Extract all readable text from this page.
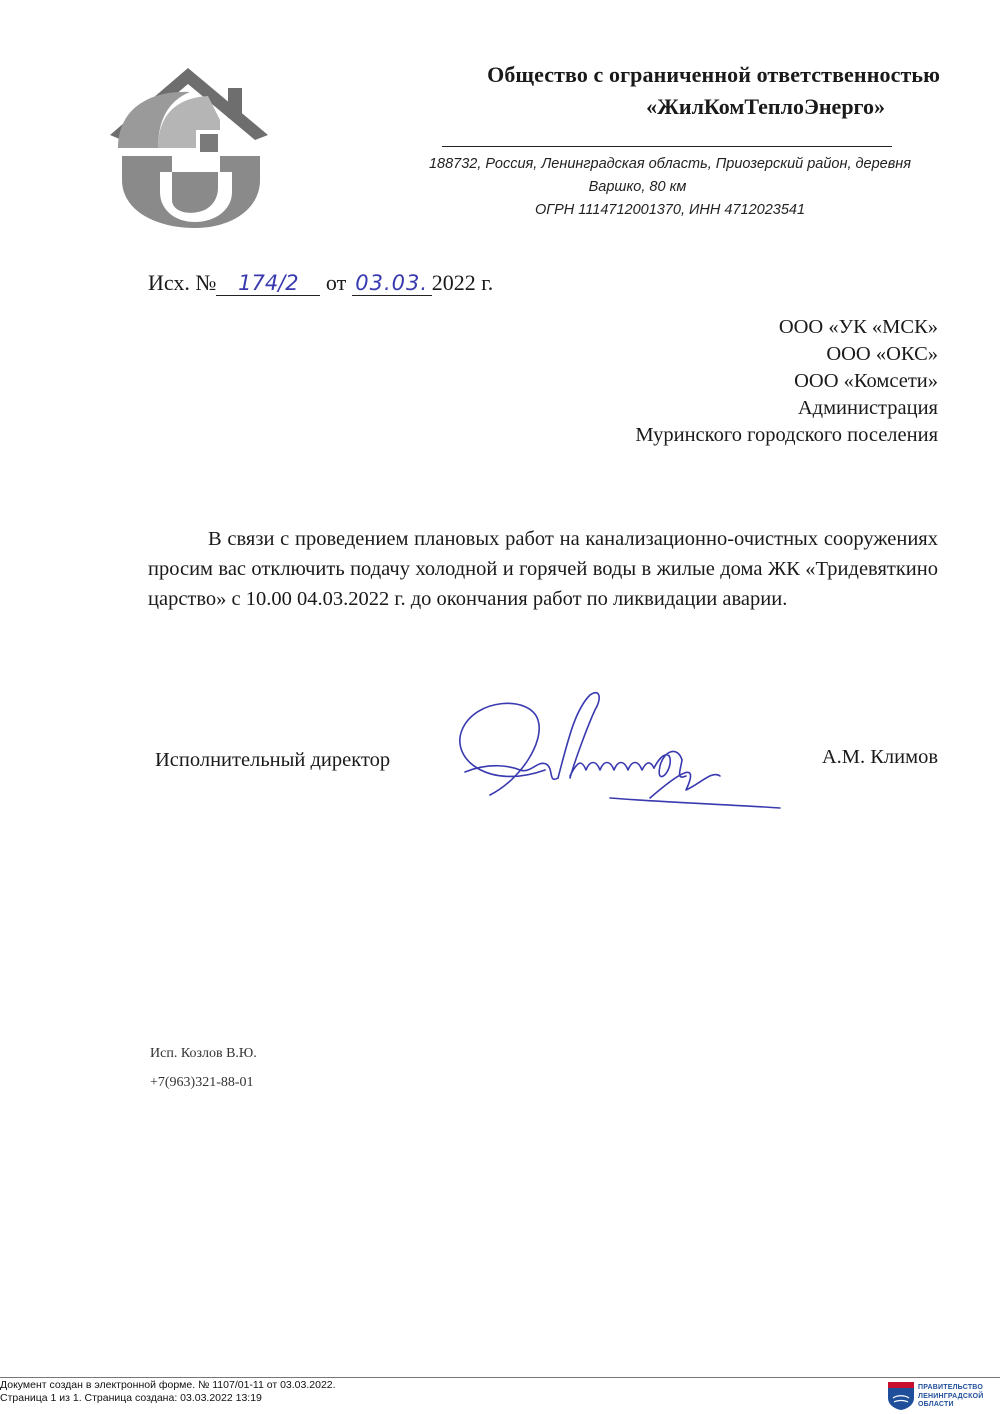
Общество с ограниченной ответственностью
«ЖилКомТеплоЭнерго»
188732, Россия, Ленинградская область, Приозерский район, деревня
Варшко, 80 км
ОГРН 1114712001370, ИНН 4712023541
Исх. № 174/2 от 03.03. 2022 г.
ООО «УК «МСК»
ООО «ОКС»
ООО «Комсети»
Администрация
Муринского городского поселения
В связи с проведением плановых работ на канализационно-очистных сооружениях просим вас отключить подачу холодной и горячей воды в жилые дома ЖК «Тридевяткино царство» с 10.00 04.03.2022 г. до окончания работ по ликвидации аварии.
Исполнительный директор	А.М. Климов
Исп. Козлов В.Ю.
+7(963)321-88-01
Документ создан в электронной форме. № 1107/01-11 от 03.03.2022.
Страница 1 из 1. Страница создана: 03.03.2022 13:19
ПРАВИТЕЛЬСТВО
ЛЕНИНГРАДСКОЙ
ОБЛАСТИ
